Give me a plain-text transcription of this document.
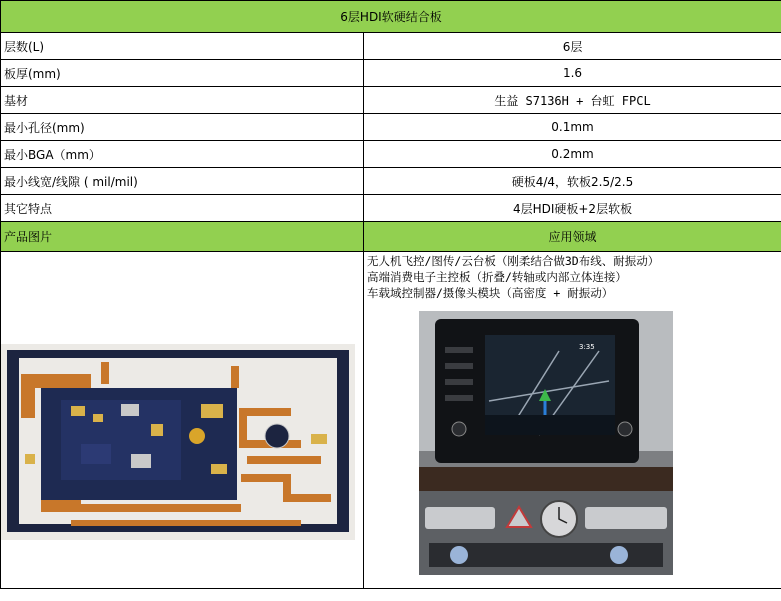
6层HDI软硬结合板	
层数(L)	6层
板厚(mm)	1.6
基材	生益 S7136H + 台虹 FPCL
最小孔径(mm)	0.1mm
最小BGA（mm）	0.2mm
最小线宽/线隙 ( mil/mil)	硬板4/4，软板2.5/2.5
其它特点	4层HDI硬板+2层软板
产品图片	应用领域

无人机飞控/图传/云台板（刚柔结合做3D布线、耐振动）
高端消费电子主控板（折叠/转轴或内部立体连接）
车载域控制器/摄像头模块（高密度 + 耐振动）
3:35
